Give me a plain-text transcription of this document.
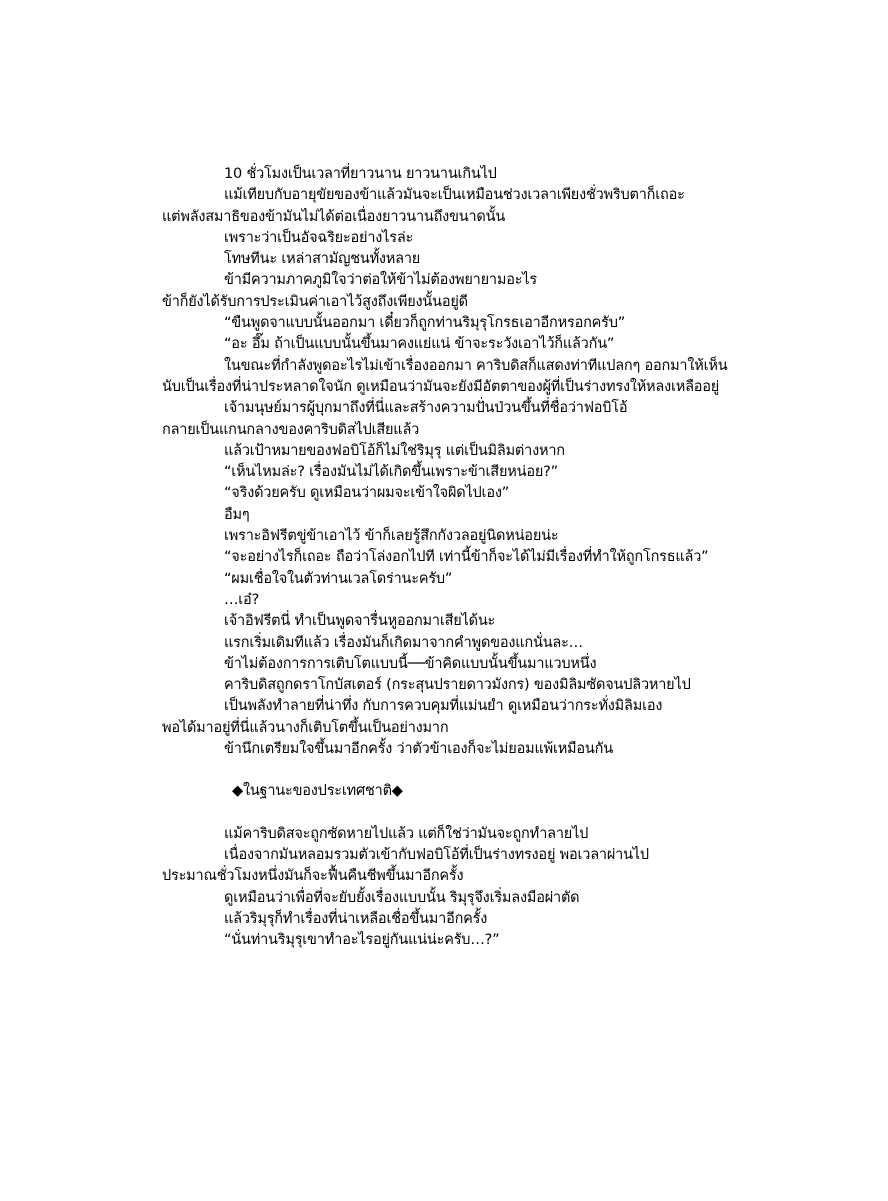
10 ชั่วโมงเป็นเวลาที่ยาวนาน ยาวนานเกินไป
แม้เทียบกับอายุขัยของข้าแล้วมันจะเป็นเหมือนช่วงเวลาเพียงชั่วพริบตาก็เถอะ
แต่พลังสมาธิของข้ามันไม่ได้ต่อเนื่องยาวนานถึงขนาดนั้น
เพราะว่าเป็นอัจฉริยะอย่างไรล่ะ
โทษทีนะ เหล่าสามัญชนทั้งหลาย
ข้ามีความภาคภูมิใจว่าต่อให้ข้าไม่ต้องพยายามอะไร
ข้าก็ยังได้รับการประเมินค่าเอาไว้สูงถึงเพียงนั้นอยู่ดี
“ขืนพูดจาแบบนั้นออกมา เดี๋ยวก็ถูกท่านริมุรุโกรธเอาอีกหรอกครับ”
“อะ อึ๊ม ถ้าเป็นแบบนั้นขึ้นมาคงแย่แน่ ข้าจะระวังเอาไว้ก็แล้วกัน”
ในขณะที่กำลังพูดอะไรไม่เข้าเรื่องออกมา คาริบดิสก็แสดงท่าทีแปลกๆ ออกมาให้เห็น
นับเป็นเรื่องที่น่าประหลาดใจนัก ดูเหมือนว่ามันจะยังมีอัตตาของผู้ที่เป็นร่างทรงให้หลงเหลืออยู่
เจ้ามนุษย์มารผู้บุกมาถึงที่นี่และสร้างความปั่นป่วนขึ้นที่ชื่อว่าฟอบิโอ้
กลายเป็นแกนกลางของคาริบดิสไปเสียแล้ว
แล้วเป้าหมายของฟอบิโอ้ก็ไม่ใช่ริมุรุ แต่เป็นมิลิมต่างหาก
“เห็นไหมล่ะ? เรื่องมันไม่ได้เกิดขึ้นเพราะข้าเสียหน่อย?”
“จริงด้วยครับ ดูเหมือนว่าผมจะเข้าใจผิดไปเอง”
อืมๆ
เพราะอิฟรีตขู่ข้าเอาไว้ ข้าก็เลยรู้สึกกังวลอยู่นิดหน่อยน่ะ
“จะอย่างไรก็เถอะ ถือว่าโล่งอกไปที เท่านี้ข้าก็จะได้ไม่มีเรื่องที่ทำให้ถูกโกรธแล้ว”
“ผมเชื่อใจในตัวท่านเวลโดร่านะครับ”
…เอ๋?
เจ้าอิฟรีตนี่ ทำเป็นพูดจารื่นหูออกมาเสียได้นะ
แรกเริ่มเดิมทีแล้ว เรื่องมันก็เกิดมาจากคำพูดของแกนั่นละ…
ข้าไม่ต้องการการเติบโตแบบนี้──ข้าคิดแบบนั้นขึ้นมาแวบหนึ่ง
คาริบดิสถูกดราโกบัสเตอร์ (กระสุนปรายดาวมังกร) ของมิลิมซัดจนปลิวหายไป
เป็นพลังทำลายที่น่าทึ่ง กับการควบคุมที่แม่นยำ ดูเหมือนว่ากระทั่งมิลิมเอง
พอได้มาอยู่ที่นี่แล้วนางก็เติบโตขึ้นเป็นอย่างมาก
ข้านึกเตรียมใจขึ้นมาอีกครั้ง ว่าตัวข้าเองก็จะไม่ยอมแพ้เหมือนกัน
◆ในฐานะของประเทศชาติ◆
แม้คาริบดิสจะถูกซัดหายไปแล้ว แต่ก็ใช่ว่ามันจะถูกทำลายไป
เนื่องจากมันหลอมรวมตัวเข้ากับฟอบิโอ้ที่เป็นร่างทรงอยู่ พอเวลาผ่านไป
ประมาณชั่วโมงหนึ่งมันก็จะฟื้นคืนชีพขึ้นมาอีกครั้ง
ดูเหมือนว่าเพื่อที่จะยับยั้งเรื่องแบบนั้น ริมุรุจึงเริ่มลงมือผ่าตัด
แล้วริมุรุก็ทำเรื่องที่น่าเหลือเชื่อขึ้นมาอีกครั้ง
“นั่นท่านริมุรุเขาทำอะไรอยู่กันแน่น่ะครับ…?”
